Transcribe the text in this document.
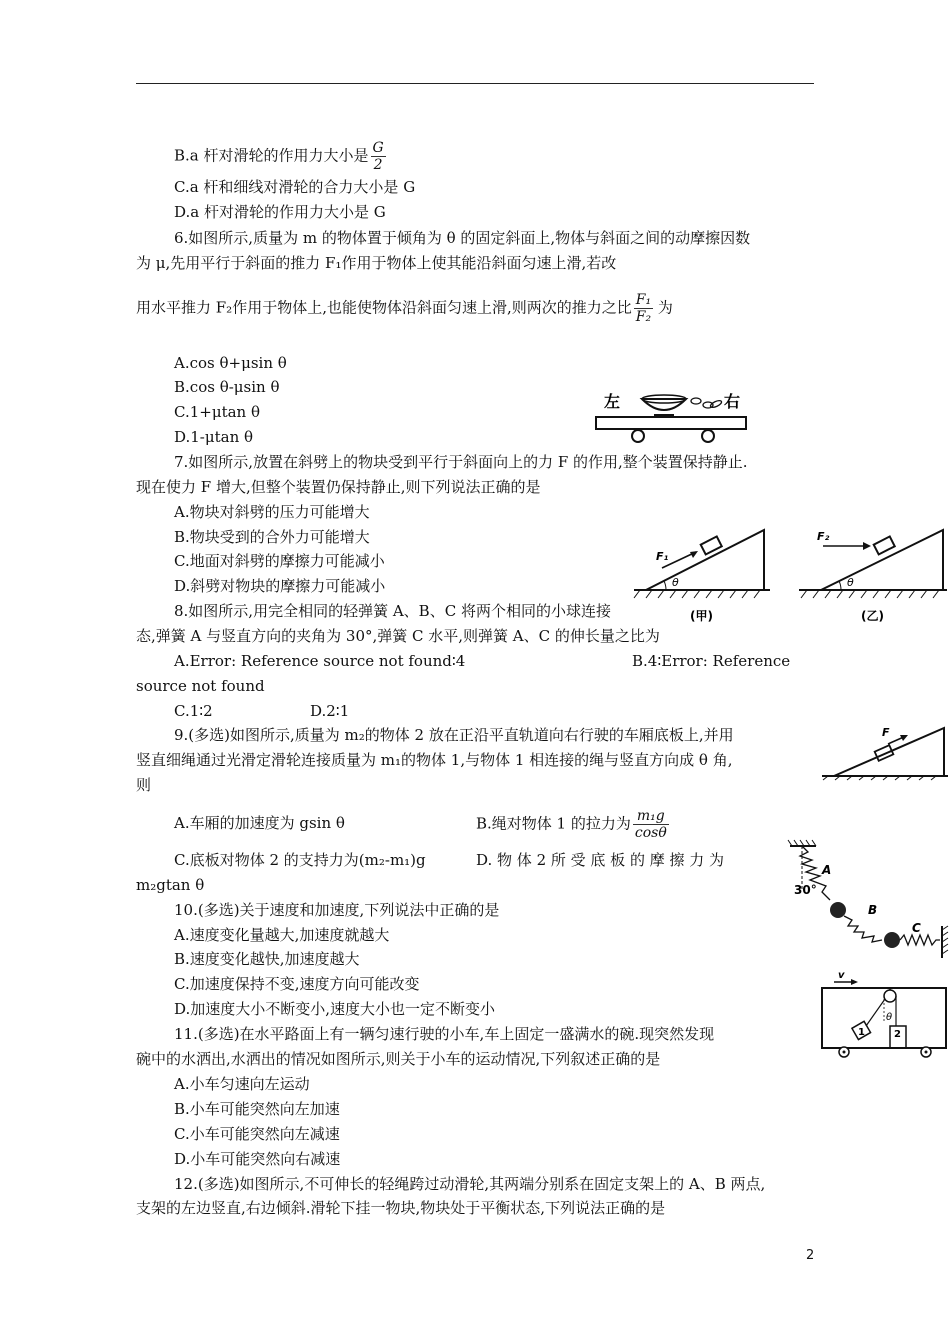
B.a 杆对滑轮的作用力大小是 $\frac{G}{2}$
C.a 杆和细线对滑轮的合力大小是 G
D.a 杆对滑轮的作用力大小是 G
6.如图所示,质量为 m 的物体置于倾角为 θ 的固定斜面上,物体与斜面之间的动摩擦因数
为 μ,先用平行于斜面的推力 F₁作用于物体上使其能沿斜面匀速上滑,若改
用水平推力 F₂作用于物体上,也能使物体沿斜面匀速上滑,则两次的推力之比 $\frac{\text{F₁}}{\text{F₂}}$ 为
A.cos θ+μsin θ
B.cos θ-μsin θ
C.1+μtan θ
D.1-μtan θ
7.如图所示,放置在斜劈上的物块受到平行于斜面向上的力 F 的作用,整个装置保持静止.
现在使力 F 增大,但整个装置仍保持静止,则下列说法正确的是
A.物块对斜劈的压力可能增大
B.物块受到的合外力可能增大
C.地面对斜劈的摩擦力可能减小
D.斜劈对物块的摩擦力可能减小
8.如图所示,用完全相同的轻弹簧 A、B、C 将两个相同的小球连接
态,弹簧 A 与竖直方向的夹角为 30°,弹簧 C 水平,则弹簧 A、C 的伸长量之比为
A.Error: Reference source not found∶4	B.4∶Error: Reference
source not found
C.1∶2	D.2∶1
9.(多选)如图所示,质量为 m₂的物体 2 放在正沿平直轨道向右行驶的车厢底板上,并用
竖直细绳通过光滑定滑轮连接质量为 m₁的物体 1,与物体 1 相连接的绳与竖直方向成 θ 角,
则
A.车厢的加速度为 gsin θ	B.绳对物体 1 的拉力为 $\frac{\text{m₁g}}{\cos\theta}$
C.底板对物体 2 的支持力为(m₂-m₁)g	D. 物 体 2 所 受 底 板 的 摩 擦 力 为
m₂gtan θ
10.(多选)关于速度和加速度,下列说法中正确的是
A.速度变化量越大,加速度就越大
B.速度变化越快,加速度越大
C.加速度保持不变,速度方向可能改变
D.加速度大小不断变小,速度大小也一定不断变小
11.(多选)在水平路面上有一辆匀速行驶的小车,车上固定一盛满水的碗.现突然发现
碗中的水洒出,水洒出的情况如图所示,则关于小车的运动情况,下列叙述正确的是
A.小车匀速向左运动
B.小车可能突然向左加速
C.小车可能突然向左减速
D.小车可能突然向右减速
12.(多选)如图所示,不可伸长的轻绳跨过动滑轮,其两端分别系在固定支架上的 A、B 两点,
支架的左边竖直,右边倾斜.滑轮下挂一物块,物块处于平衡状态,下列说法正确的是
左	右
F₁
θ
(甲)
F₂
θ
(乙)
F
30°
A
B
C
v
θ
1	2
2
